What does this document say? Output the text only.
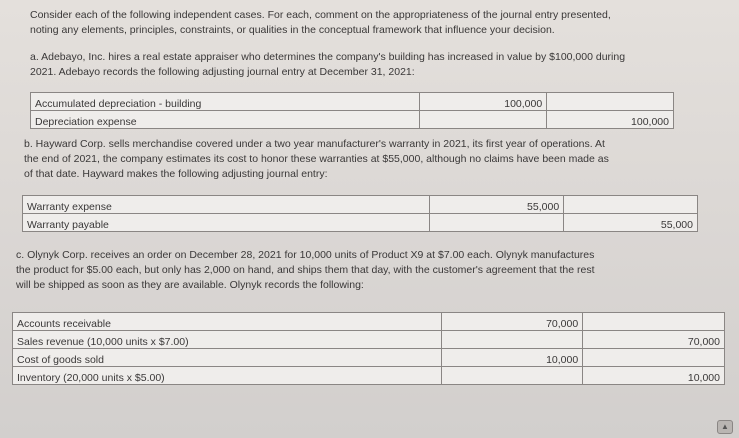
Consider each of the following independent cases. For each, comment on the appropriateness of the journal entry presented,
noting any elements, principles, constraints, or qualities in the conceptual framework that influence your decision.

a. Adebayo, Inc. hires a real estate appraiser who determines the company's building has increased in value by $100,000 during
2021. Adebayo records the following adjusting journal entry at December 31, 2021:

Accumulated depreciation - building	100,000	
Depreciation expense		100,000

b. Hayward Corp. sells merchandise covered under a two year manufacturer's warranty in 2021, its first year of operations. At
the end of 2021, the company estimates its cost to honor these warranties at $55,000, although no claims have been made as
of that date. Hayward makes the following adjusting journal entry:

Warranty expense	55,000	
Warranty payable		55,000

c. Olynyk Corp. receives an order on December 28, 2021 for 10,000 units of Product X9 at $7.00 each. Olynyk manufactures
the product for $5.00 each, but only has 2,000 on hand, and ships them that day, with the customer's agreement that the rest
will be shipped as soon as they are available. Olynyk records the following:

Accounts receivable	70,000	
Sales revenue (10,000 units x $7.00)		70,000
Cost of goods sold	10,000	
Inventory (20,000 units x $5.00)		10,000
▲
